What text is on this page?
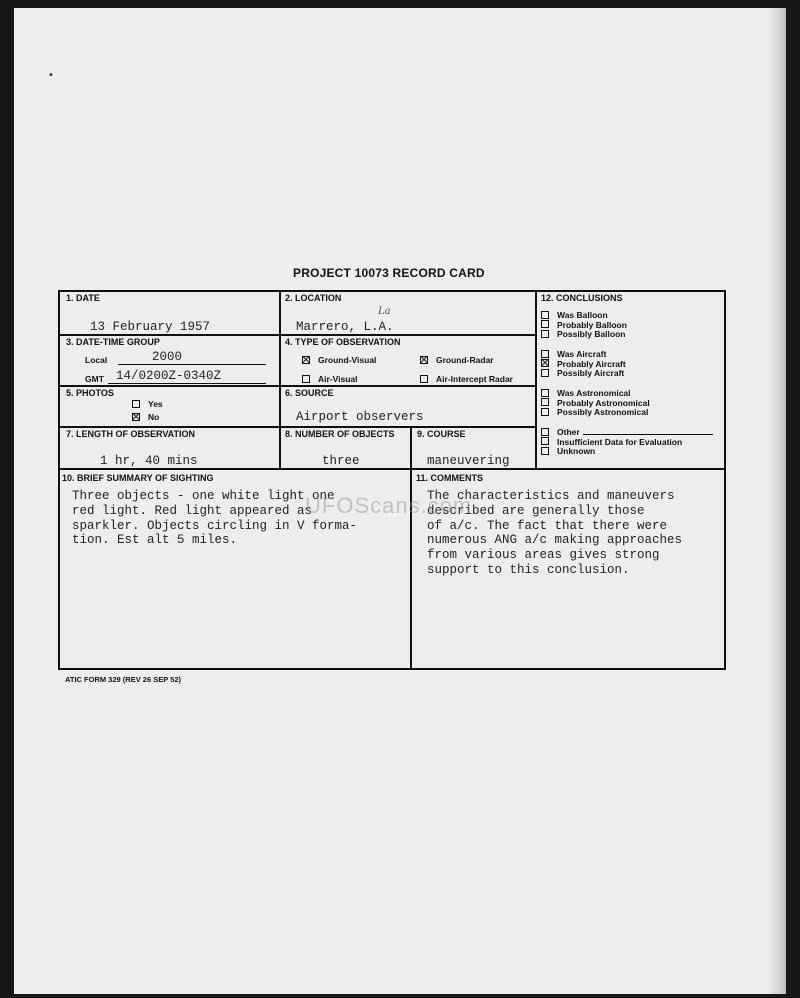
•
PROJECT 10073 RECORD CARD
1. DATE
13 February 1957
2. LOCATION
La
Marrero, L.A.
3. DATE-TIME GROUP
Local	2000
GMT 14/0200Z-0340Z
4. TYPE OF OBSERVATION
Ground-Visual	Ground-Radar
Air-Visual	Air-Intercept Radar
5. PHOTOS
Yes
No
6. SOURCE
Airport observers
7. LENGTH OF OBSERVATION
1 hr, 40 mins
8. NUMBER OF OBJECTS
three
9. COURSE
maneuvering
10. BRIEF SUMMARY OF SIGHTING
Three objects - one white light one
red light. Red light appeared as
sparkler. Objects circling in V forma-
tion. Est alt 5 miles.
11. COMMENTS
The characteristics and maneuvers
described are generally those
of a/c. The fact that there were
numerous ANG a/c making approaches
from various areas gives strong
support to this conclusion.
12. CONCLUSIONS
Was Balloon
Probably Balloon
Possibly Balloon
Was Aircraft
Probably Aircraft
Possibly Aircraft
Was Astronomical
Probably Astronomical
Possibly Astronomical
Other
Insufficient Data for Evaluation
Unknown
UFOScans.com
ATIC FORM 329 (REV 26 SEP 52)
